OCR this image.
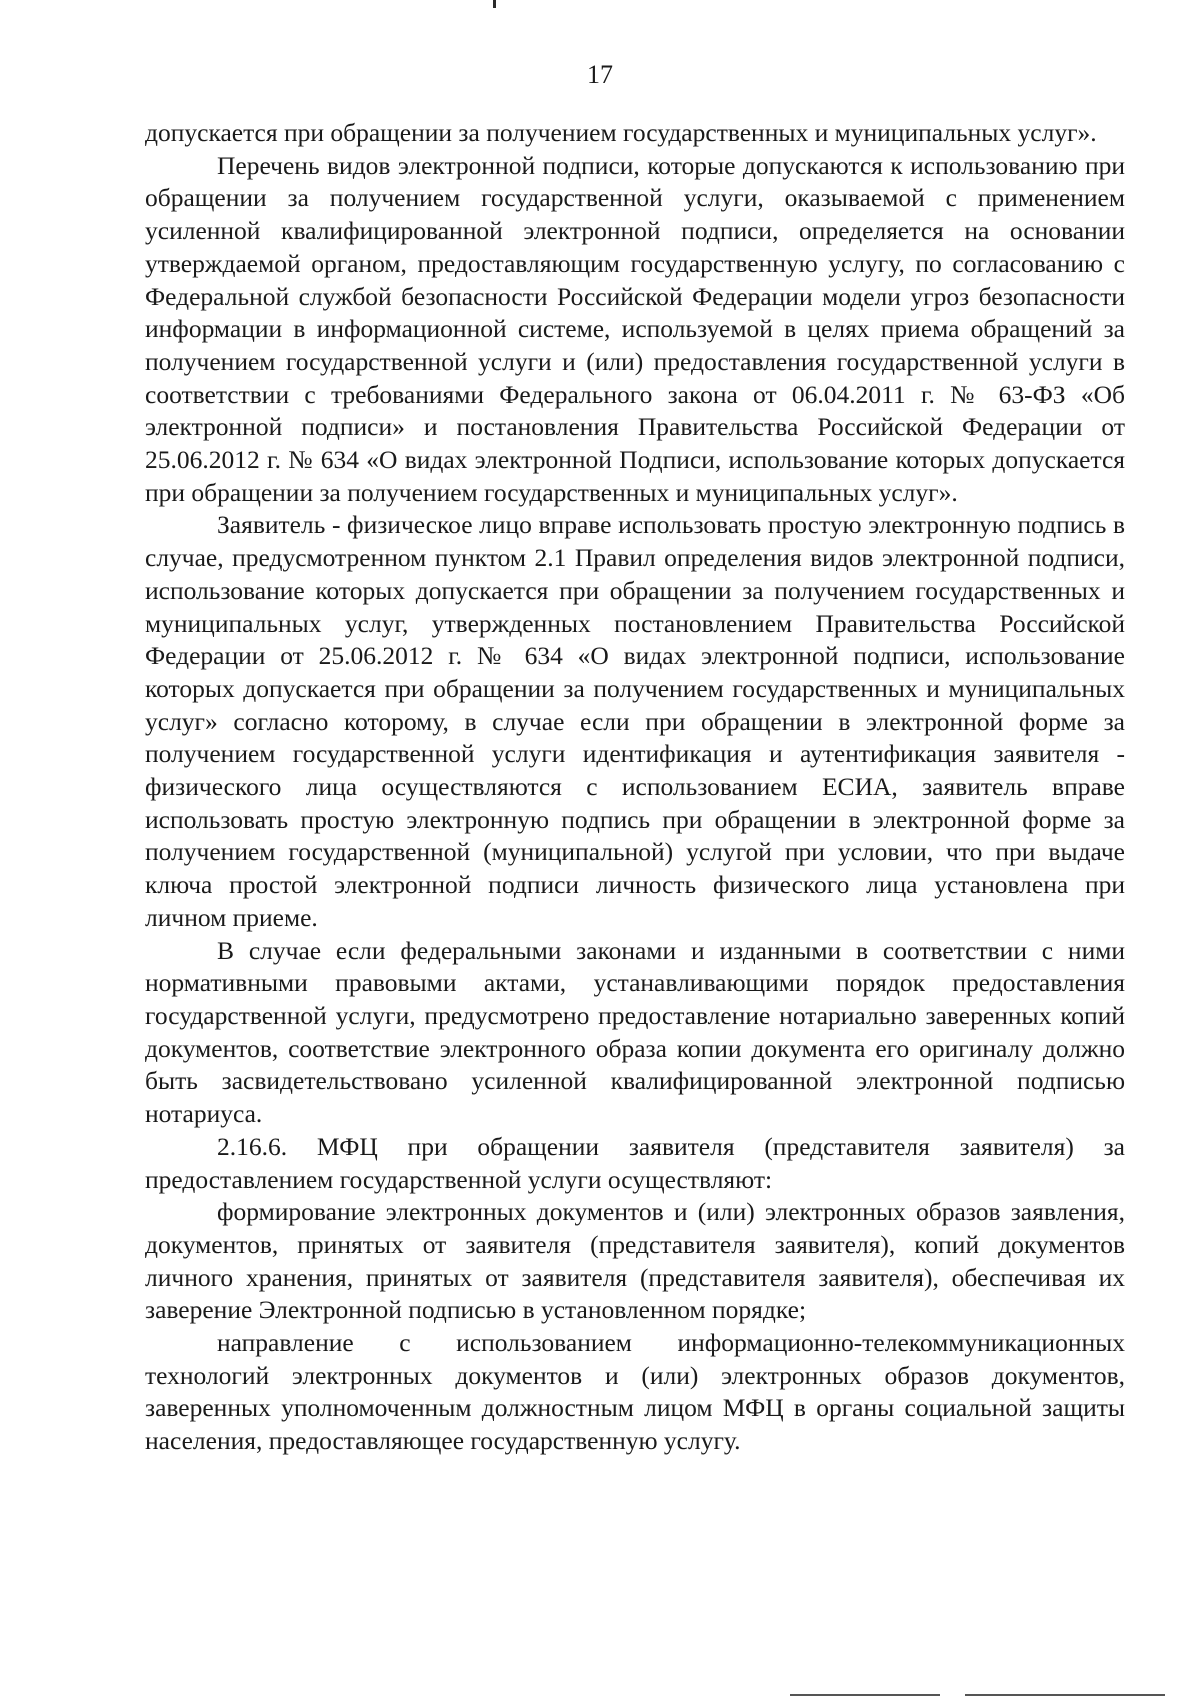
17

допускается при обращении за получением государственных и муниципальных услуг».

Перечень видов электронной подписи, которые допускаются к использованию при обращении за получением государственной услуги, оказываемой с применением усиленной квалифицированной электронной подписи, определяется на основании утверждаемой органом, предоставляющим государственную услугу, по согласованию с Федеральной службой безопасности Российской Федерации модели угроз безопасности информации в информационной системе, используемой в целях приема обращений за получением государственной услуги и (или) предоставления государственной услуги в соответствии с требованиями Федерального закона от 06.04.2011 г. № 63-ФЗ «Об электронной подписи» и постановления Правительства Российской Федерации от 25.06.2012 г. № 634 «О видах электронной Подписи, использование которых допускается при обращении за получением государственных и муниципальных услуг».

Заявитель - физическое лицо вправе использовать простую электронную подпись в случае, предусмотренном пунктом 2.1 Правил определения видов электронной подписи, использование которых допускается при обращении за получением государственных и муниципальных услуг, утвержденных постановлением Правительства Российской Федерации от 25.06.2012 г. № 634 «О видах электронной подписи, использование которых допускается при обращении за получением государственных и муниципальных услуг» согласно которому, в случае если при обращении в электронной форме за получением государственной услуги идентификация и аутентификация заявителя - физического лица осуществляются с использованием ЕСИА, заявитель вправе использовать простую электронную подпись при обращении в электронной форме за получением государственной (муниципальной) услугой при условии, что при выдаче ключа простой электронной подписи личность физического лица установлена при личном приеме.

В случае если федеральными законами и изданными в соответствии с ними нормативными правовыми актами, устанавливающими порядок предоставления государственной услуги, предусмотрено предоставление нотариально заверенных копий документов, соответствие электронного образа копии документа его оригиналу должно быть засвидетельствовано усиленной квалифицированной электронной подписью нотариуса.

2.16.6. МФЦ при обращении заявителя (представителя заявителя) за предоставлением государственной услуги осуществляют:

формирование электронных документов и (или) электронных образов заявления, документов, принятых от заявителя (представителя заявителя), копий документов личного хранения, принятых от заявителя (представителя заявителя), обеспечивая их заверение Электронной подписью в установленном порядке;

направление с использованием информационно-телекоммуникационных технологий электронных документов и (или) электронных образов документов, заверенных уполномоченным должностным лицом МФЦ в органы социальной защиты населения, предоставляющее государственную услугу.
